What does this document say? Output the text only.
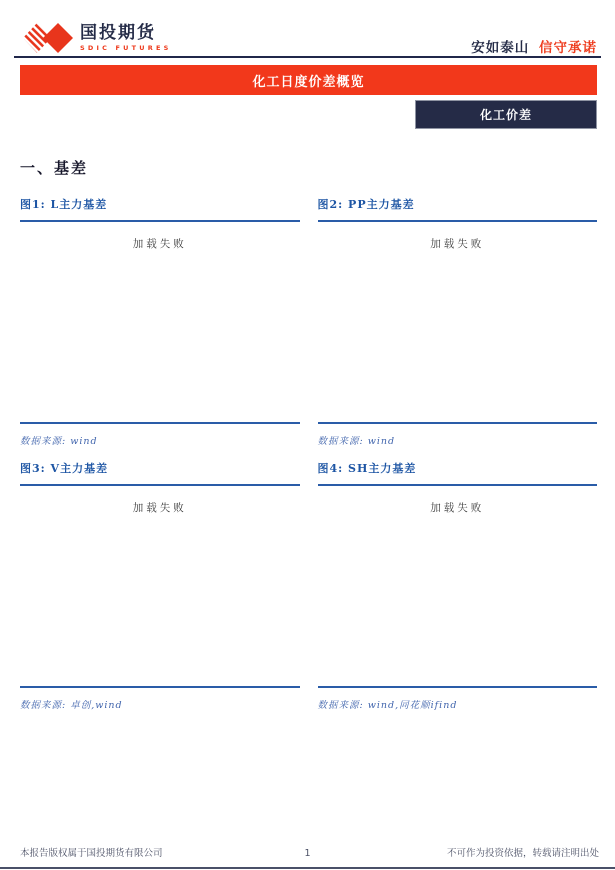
国投期货
SDIC FUTURES	安如泰山 信守承诺
化工日度价差概览
化工价差
一、基差
图1: L主力基差
加载失败
数据来源: wind
图2: PP主力基差
加载失败
数据来源: wind
图3: V主力基差
加载失败
数据来源: 卓创,wind
图4: SH主力基差
加载失败
数据来源: wind,同花顺ifind
本报告版权属于国投期货有限公司	1	不可作为投资依据，转载请注明出处
